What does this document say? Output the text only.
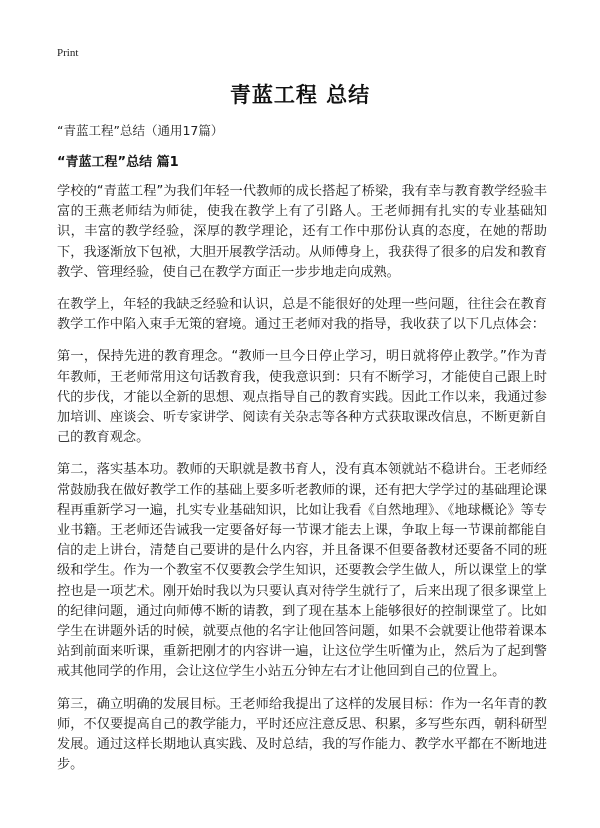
Print
青蓝工程 总结
“青蓝工程”总结（通用17篇）
“青蓝工程”总结 篇1

学校的“青蓝工程”为我们年轻一代教师的成长搭起了桥梁，我有幸与教育教学经验丰富的王燕老师结为师徒，使我在教学上有了引路人。王老师拥有扎实的专业基础知识，丰富的教学经验，深厚的教学理论，还有工作中那份认真的态度，在她的帮助下，我逐渐放下包袱，大胆开展教学活动。从师傅身上，我获得了很多的启发和教育教学、管理经验，使自己在教学方面正一步步地走向成熟。

在教学上，年轻的我缺乏经验和认识，总是不能很好的处理一些问题，往往会在教育教学工作中陷入束手无策的窘境。通过王老师对我的指导，我收获了以下几点体会：

第一，保持先进的教育理念。“教师一旦今日停止学习，明日就将停止教学。”作为青年教师，王老师常用这句话教育我，使我意识到：只有不断学习，才能使自己跟上时代的步伐，才能以全新的思想、观点指导自己的教育实践。因此工作以来，我通过参加培训、座谈会、听专家讲学、阅读有关杂志等各种方式获取课改信息，不断更新自己的教育观念。

第二，落实基本功。教师的天职就是教书育人，没有真本领就站不稳讲台。王老师经常鼓励我在做好教学工作的基础上要多听老教师的课，还有把大学学过的基础理论课程再重新学习一遍，扎实专业基础知识，比如让我看《自然地理》、《地球概论》等专业书籍。王老师还告诫我一定要备好每一节课才能去上课，争取上每一节课前都能自信的走上讲台，清楚自己要讲的是什么内容，并且备课不但要备教材还要备不同的班级和学生。作为一个教室不仅要教会学生知识，还要教会学生做人，所以课堂上的掌控也是一项艺术。刚开始时我以为只要认真对待学生就行了，后来出现了很多课堂上的纪律问题，通过向师傅不断的请教，到了现在基本上能够很好的控制课堂了。比如学生在讲题外话的时候，就要点他的名字让他回答问题，如果不会就要让他带着课本站到前面来听课，重新把刚才的内容讲一遍，让这位学生听懂为止，然后为了起到警戒其他同学的作用，会让这位学生小站五分钟左右才让他回到自己的位置上。

第三，确立明确的发展目标。王老师给我提出了这样的发展目标：作为一名年青的教师，不仅要提高自己的教学能力，平时还应注意反思、积累，多写些东西，朝科研型发展。通过这样长期地认真实践、及时总结，我的写作能力、教学水平都在不断地进步。
